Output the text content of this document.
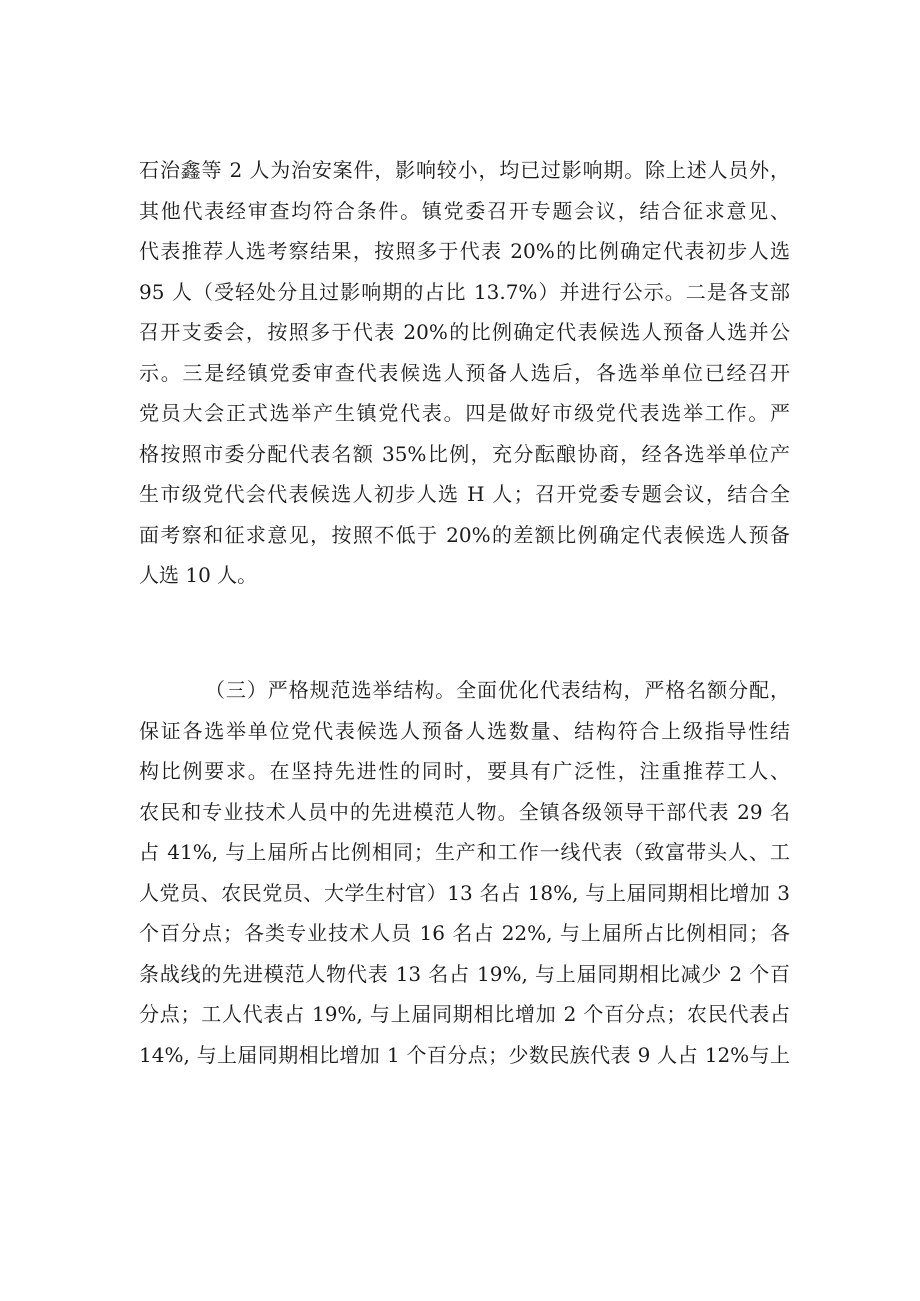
石治鑫等 2 人为治安案件，影响较小，均已过影响期。除上述人员外，
其他代表经审查均符合条件。镇党委召开专题会议，结合征求意见、
代表推荐人选考察结果，按照多于代表 20%的比例确定代表初步人选
95 人（受轻处分且过影响期的占比 13.7%）并进行公示。二是各支部
召开支委会，按照多于代表 20%的比例确定代表候选人预备人选并公
示。三是经镇党委审查代表候选人预备人选后，各选举单位已经召开
党员大会正式选举产生镇党代表。四是做好市级党代表选举工作。严
格按照市委分配代表名额 35%比例，充分酝酿协商，经各选举单位产
生市级党代会代表候选人初步人选 H 人；召开党委专题会议，结合全
面考察和征求意见，按照不低于 20%的差额比例确定代表候选人预备
人选 10 人。
（三）严格规范选举结构。全面优化代表结构，严格名额分配，
保证各选举单位党代表候选人预备人选数量、结构符合上级指导性结
构比例要求。在坚持先进性的同时，要具有广泛性，注重推荐工人、
农民和专业技术人员中的先进模范人物。全镇各级领导干部代表 29 名
占 41%, 与上届所占比例相同；生产和工作一线代表（致富带头人、工
人党员、农民党员、大学生村官）13 名占 18%, 与上届同期相比增加 3
个百分点；各类专业技术人员 16 名占 22%, 与上届所占比例相同；各
条战线的先进模范人物代表 13 名占 19%, 与上届同期相比减少 2 个百
分点；工人代表占 19%, 与上届同期相比增加 2 个百分点；农民代表占
14%, 与上届同期相比增加 1 个百分点；少数民族代表 9 人占 12%与上
